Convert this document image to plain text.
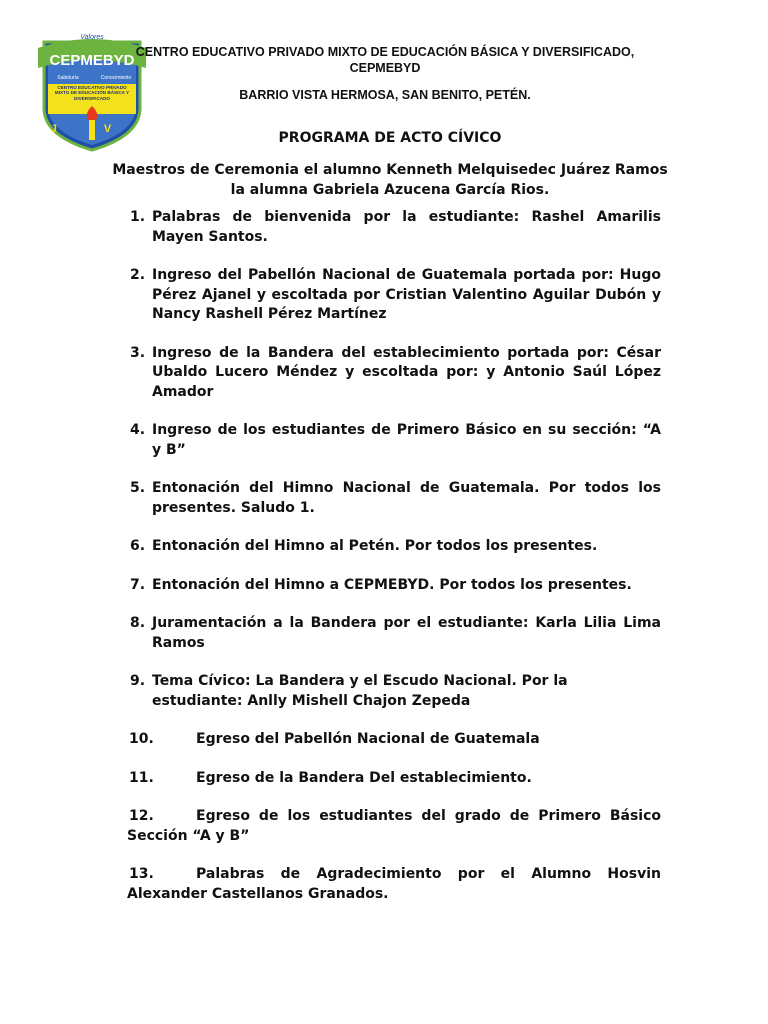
CEPMEBYD
Valores
Sabiduría	Conocimiento
CENTRO EDUCATIVO PRIVADO MIXTO DE EDUCACIÓN BÁSICA Y DIVERSIFICADO
J V
CENTRO EDUCATIVO PRIVADO MIXTO DE EDUCACIÓN BÁSICA Y DIVERSIFICADO,
CEPMEBYD
BARRIO VISTA HERMOSA, SAN BENITO, PETÉN.
PROGRAMA DE ACTO CÍVICO
Maestros de Ceremonia el alumno Kenneth Melquisedec Juárez Ramos la alumna Gabriela Azucena García Rios.
1. Palabras de bienvenida por la estudiante: Rashel Amarilis Mayen Santos.
2. Ingreso del Pabellón Nacional de Guatemala portada por: Hugo Pérez Ajanel y escoltada por Cristian Valentino Aguilar Dubón y Nancy Rashell Pérez Martínez
3. Ingreso de la Bandera del establecimiento portada por: César Ubaldo Lucero Méndez y escoltada por: y Antonio Saúl López Amador
4. Ingreso de los estudiantes de Primero Básico en su sección: “A y B”
5. Entonación del Himno Nacional de Guatemala. Por todos los presentes. Saludo 1.
6. Entonación del Himno al Petén. Por todos los presentes.
7. Entonación del Himno a CEPMEBYD. Por todos los presentes.
8. Juramentación a la Bandera por el estudiante: Karla Lilia Lima Ramos
9. Tema Cívico: La Bandera y el Escudo Nacional. Por la estudiante: Anlly Mishell Chajon Zepeda
10.	Egreso del Pabellón Nacional de Guatemala
11.	Egreso de la Bandera Del establecimiento.
12.	Egreso de los estudiantes del grado de Primero Básico Sección “A y B”
13.	Palabras de Agradecimiento por el Alumno Hosvin Alexander Castellanos Granados.
